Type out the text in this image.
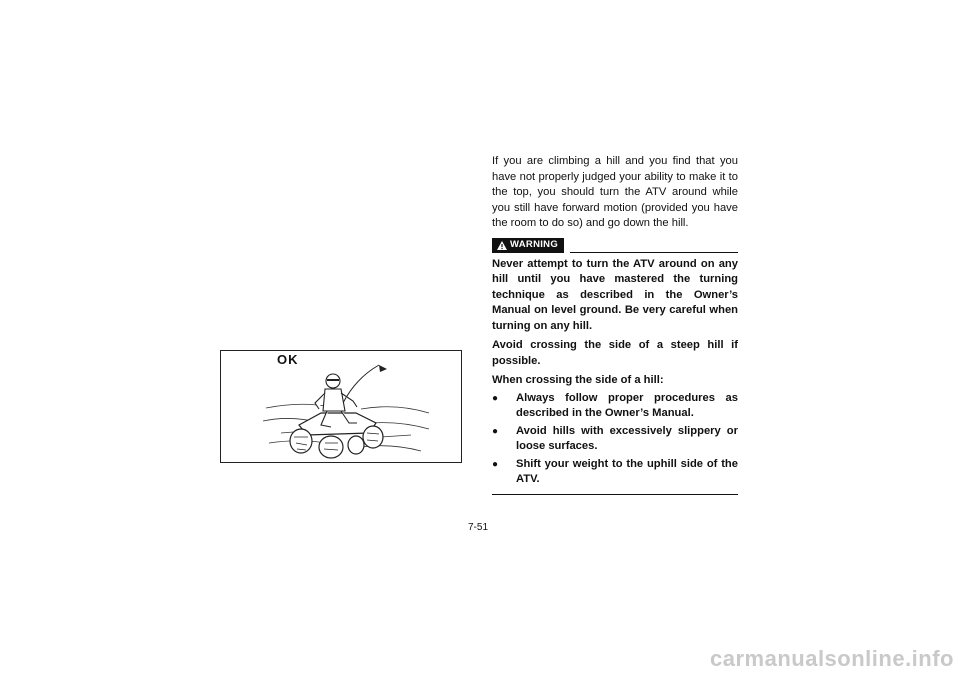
OK

If you are climbing a hill and you find that you have not properly judged your ability to make it to the top, you should turn the ATV around while you still have forward motion (provided you have the room to do so) and go down the hill.

WARNING

Never attempt to turn the ATV around on any hill until you have mastered the turning technique as described in the Owner’s Manual on level ground. Be very careful when turning on any hill.

Avoid crossing the side of a steep hill if possible.

When crossing the side of a hill:

●	Always follow proper procedures as described in the Owner’s Manual.
●	Avoid hills with excessively slippery or loose surfaces.
●	Shift your weight to the uphill side of the ATV.
7-51
carmanualsonline.info
